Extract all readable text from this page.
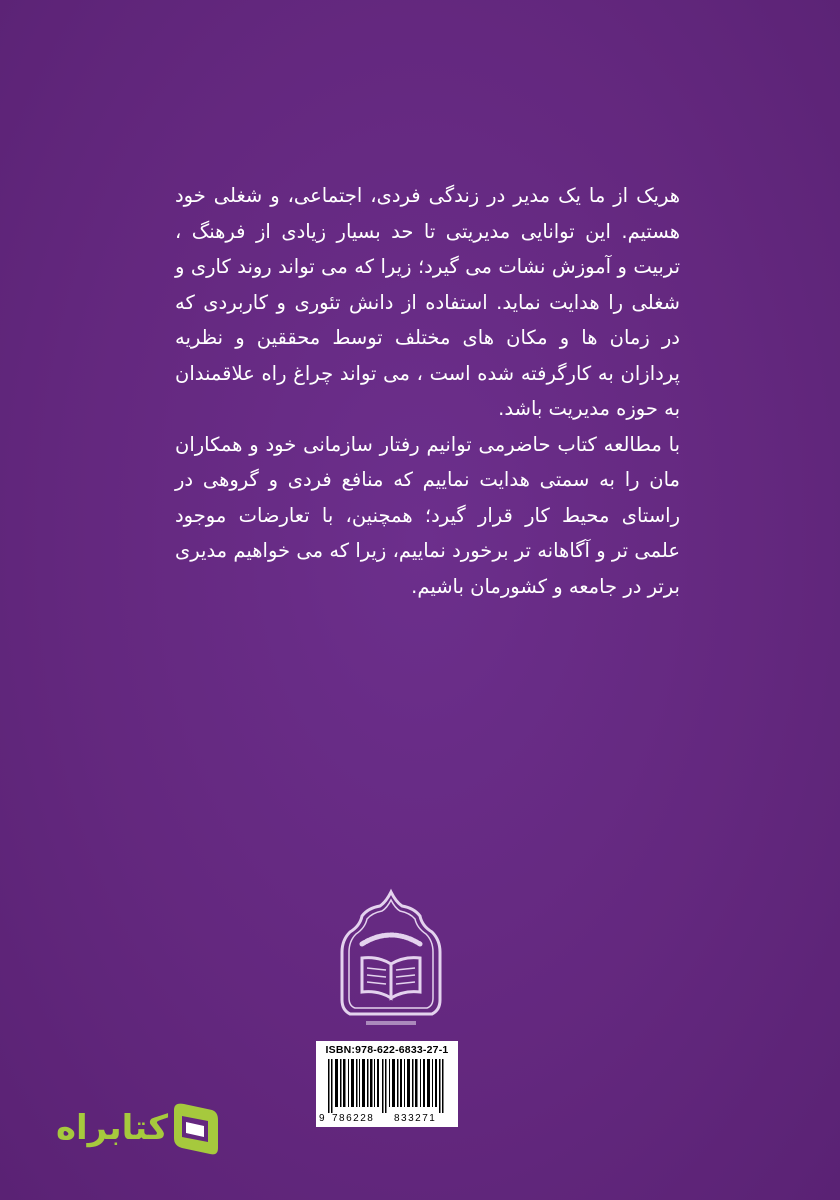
هریک از ما یک مدیر در زندگی فردی، اجتماعی، و شغلی خود هستیم. این توانایی مدیریتی تا حد بسیار زیادی از فرهنگ ، تربیت و آموزش نشات می گیرد؛ زیرا که می تواند روند کاری و شغلی را هدایت نماید. استفاده از دانش تئوری و کاربردی که در زمان ها و مکان های مختلف توسط محققین و نظریه پردازان به کارگرفته شده است ، می تواند چراغ راه علاقمندان به حوزه مدیریت باشد.

با مطالعه کتاب حاضرمی توانیم رفتار سازمانی خود و همکاران مان را به سمتی هدایت نماییم که منافع فردی و گروهی در راستای محیط کار قرار گیرد؛ همچنین، با تعارضات موجود علمی تر و آگاهانه تر برخورد نماییم، زیرا که می خواهیم مدیری برتر در جامعه و کشورمان باشیم.

ISBN:978-622-6833-27-1
9 786228 833271
کتابراه
